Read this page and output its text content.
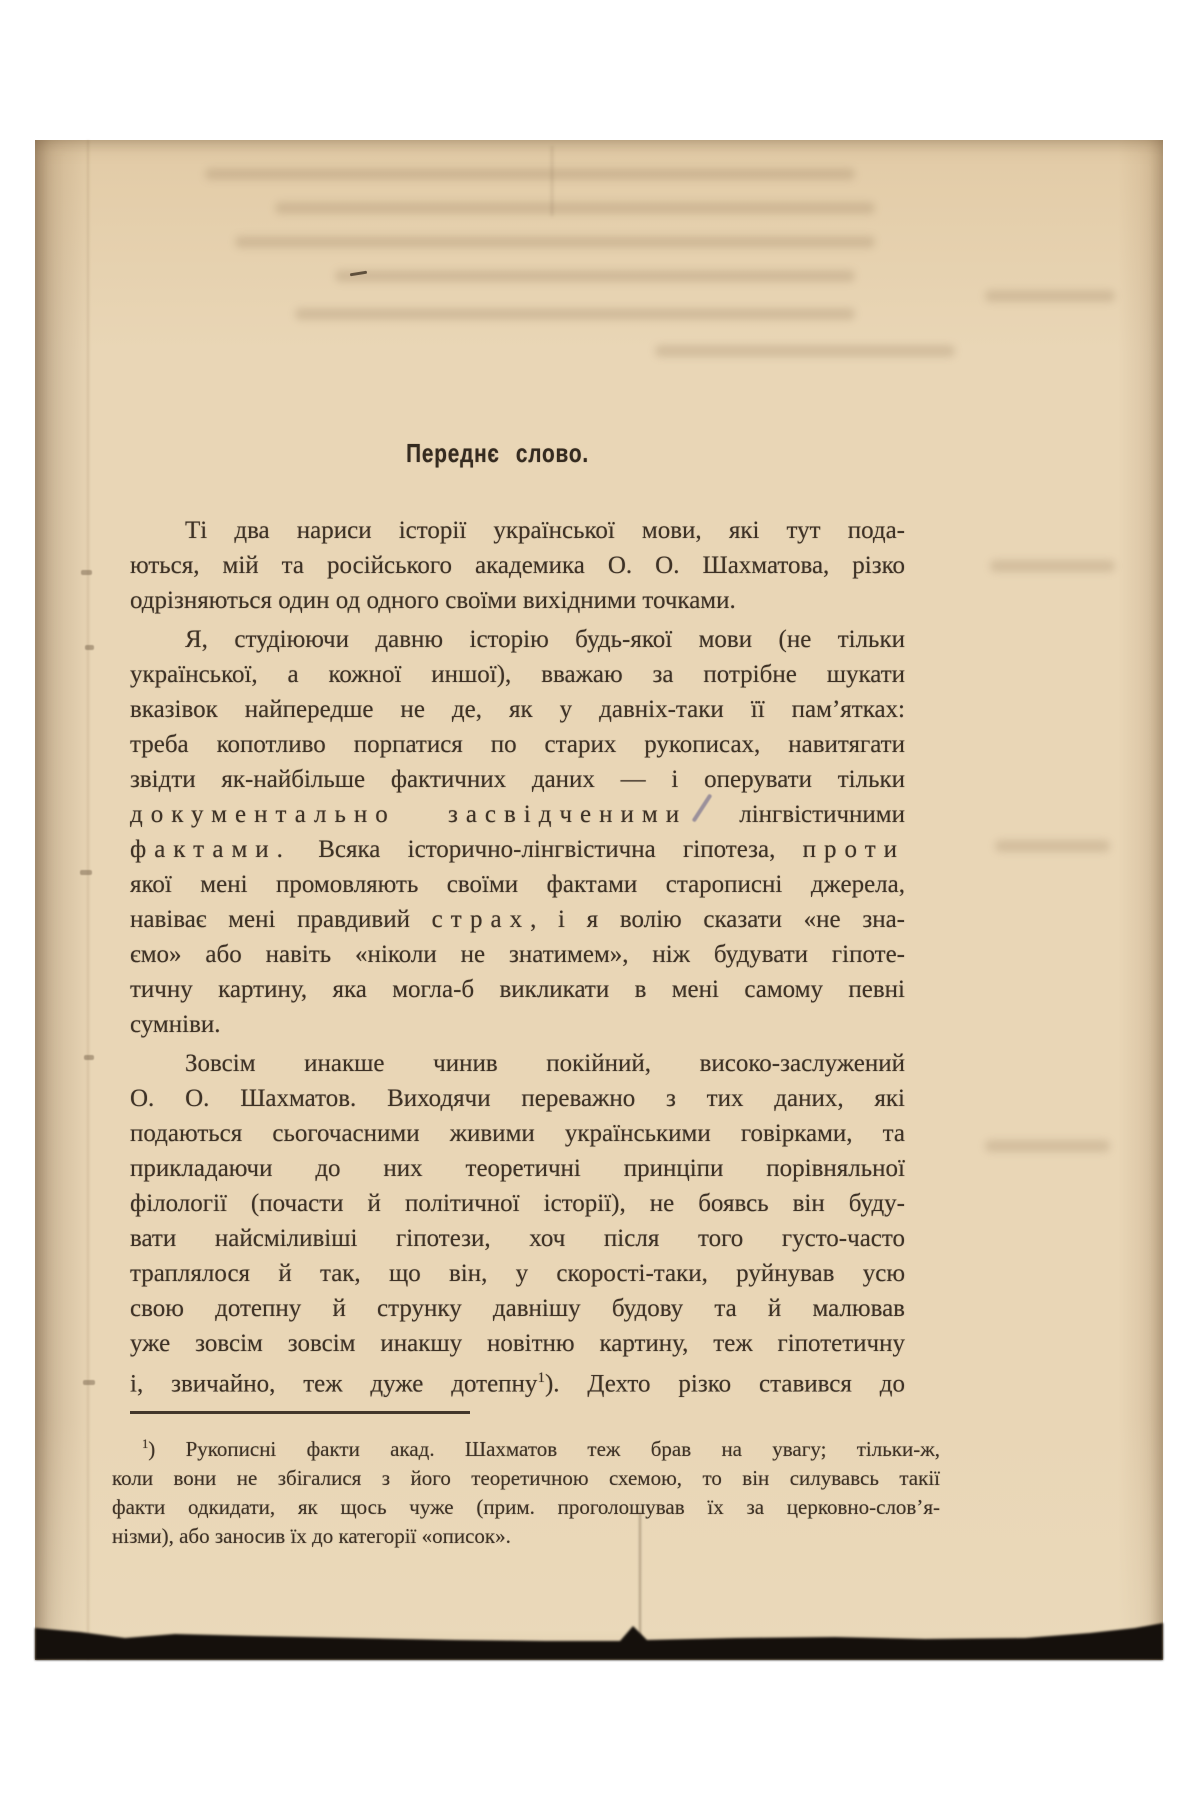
Переднє слово.
Ті два нариси історії української мови, які тут пода-
ються, мій та російського академика О. О. Шахматова, різко
одрізняються один од одного своїми вихідними точками.
Я, студіюючи давню історію будь-якої мови (не тільки
української, а кожної иншої), вважаю за потрібне шукати
вказівок найпередше не де, як у давніх-таки її пам’ятках:
треба копотливо порпатися по старих рукописах, навитягати
звідти як-найбільше фактичних даних — і оперувати тільки
документально засвідченими лінгвістичними
фактами. Всяка історично-лінгвістична гіпотеза, проти
якої мені промовляють своїми фактами старописні джерела,
навіває мені правдивий страх, і я волію сказати «не зна-
ємо» або навіть «ніколи не знатимем», ніж будувати гіпоте-
тичну картину, яка могла-б викликати в мені самому певні
сумніви.
Зовсім инакше чинив покійний, високо-заслужений
О. О. Шахматов. Виходячи переважно з тих даних, які
подаються сьогочасними живими українськими говірками, та
прикладаючи до них теоретичні принціпи порівняльної
філології (почасти й політичної історії), не боявсь він буду-
вати найсміливіші гіпотези, хоч після того густо-часто
траплялося й так, що він, у скорості-таки, руйнував усю
свою дотепну й струнку давнішу будову та й малював
уже зовсім зовсім инакшу новітню картину, теж гіпотетичну
і, звичайно, теж дуже дотепну$^1$). Дехто різко ставився до
$^1$) Рукописні факти акад. Шахматов теж брав на увагу; тільки-ж,
коли вони не збігалися з його теоретичною схемою, то він силувавсь такії
факти одкидати, як щось чуже (прим. проголошував їх за церковно-слов’я-
нізми), або заносив їх до категорії «описок».
